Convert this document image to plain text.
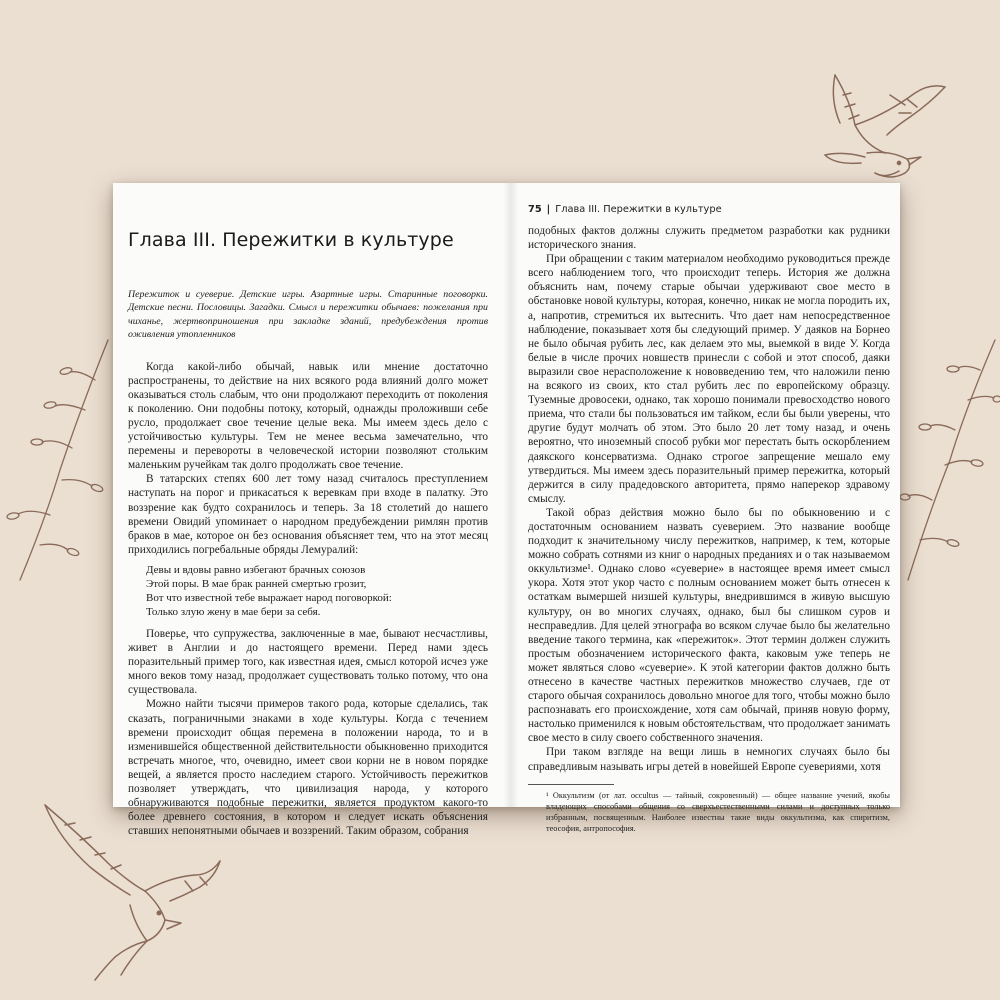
Глава III. Пережитки в культуре
Пережиток и суеверие. Детские игры. Азартные игры. Старинные поговорки. Детские песни. Пословицы. Загадки. Смысл и пережитки обычаев: пожелания при чиханье, жертвоприношения при закладке зданий, предубеждения против оживления утопленников

Когда какой-либо обычай, навык или мнение достаточно распространены, то действие на них всякого рода влияний долго может оказываться столь слабым, что они продолжают переходить от поколения к поколению. Они подобны потоку, который, однажды проложивши себе русло, продолжает свое течение целые века. Мы имеем здесь дело с устойчивостью культуры. Тем не менее весьма замечательно, что перемены и перевороты в человеческой истории позволяют стольким маленьким ручейкам так долго продолжать свое течение.

В татарских степях 600 лет тому назад считалось преступлением наступать на порог и прикасаться к веревкам при входе в палатку. Это воззрение как будто сохранилось и теперь. За 18 столетий до нашего времени Овидий упоминает о народном предубеждении римлян против браков в мае, которое он без основания объясняет тем, что на этот месяц приходились погребальные обряды Лемуралий:

Девы и вдовы равно избегают брачных союзов
Этой поры. В мае брак ранней смертью грозит,
Вот что известной тебе выражает народ поговоркой:
Только злую жену в мае бери за себя.

Поверье, что супружества, заключенные в мае, бывают несчастливы, живет в Англии и до настоящего времени. Перед нами здесь поразительный пример того, как известная идея, смысл которой исчез уже много веков тому назад, продолжает существовать только потому, что она существовала.

Можно найти тысячи примеров такого рода, которые сделались, так сказать, пограничными знаками в ходе культуры. Когда с течением времени происходит общая перемена в положении народа, то и в изменившейся общественной действительности обыкновенно приходится встречать многое, что, очевидно, имеет свои корни не в новом порядке вещей, а является просто наследием старого. Устойчивость пережитков позволяет утверждать, что цивилизация народа, у которого обнаруживаются подобные пережитки, является продуктом какого-то более древнего состояния, в котором и следует искать объяснения ставших непонятными обычаев и воззрений. Таким образом, собрания

75 | Глава III. Пережитки в культуре

подобных фактов должны служить предметом разработки как рудники исторического знания.

При обращении с таким материалом необходимо руководиться прежде всего наблюдением того, что происходит теперь. История же должна объяснить нам, почему старые обычаи удерживают свое место в обстановке новой культуры, которая, конечно, никак не могла породить их, а, напротив, стремиться их вытеснить. Что дает нам непосредственное наблюдение, показывает хотя бы следующий пример. У даяков на Борнео не было обычая рубить лес, как делаем это мы, выемкой в виде У. Когда белые в числе прочих новшеств принесли с собой и этот способ, даяки выразили свое нерасположение к нововведению тем, что наложили пеню на всякого из своих, кто стал рубить лес по европейскому образцу. Туземные дровосеки, однако, так хорошо понимали превосходство нового приема, что стали бы пользоваться им тайком, если бы были уверены, что другие будут молчать об этом. Это было 20 лет тому назад, и очень вероятно, что иноземный способ рубки мог перестать быть оскорблением даякского консерватизма. Однако строгое запрещение мешало ему утвердиться. Мы имеем здесь поразительный пример пережитка, который держится в силу прадедовского авторитета, прямо наперекор здравому смыслу.

Такой образ действия можно было бы по обыкновению и с достаточным основанием назвать суеверием. Это название вообще подходит к значительному числу пережитков, например, к тем, которые можно собрать сотнями из книг о народных преданиях и о так называемом оккультизме¹. Однако слово «суеверие» в настоящее время имеет смысл укора. Хотя этот укор часто с полным основанием может быть отнесен к остаткам вымершей низшей культуры, внедрившимся в живую высшую культуру, он во многих случаях, однако, был бы слишком суров и несправедлив. Для целей этнографа во всяком случае было бы желательно введение такого термина, как «пережиток». Этот термин должен служить простым обозначением исторического факта, каковым уже теперь не может являться слово «суеверие». К этой категории фактов должно быть отнесено в качестве частных пережитков множество случаев, где от старого обычая сохранилось довольно многое для того, чтобы можно было распознавать его происхождение, хотя сам обычай, приняв новую форму, настолько применился к новым обстоятельствам, что продолжает занимать свое место в силу своего собственного значения.

При таком взгляде на вещи лишь в немногих случаях было бы справедливым называть игры детей в новейшей Европе суевериями, хотя

¹ Оккультизм (от лат. occultus — тайный, сокровенный) — общее название учений, якобы владеющих способами общения со сверхъестественными силами и доступных только избранным, посвященным. Наиболее известны такие виды оккультизма, как спиритизм, теософия, антропософия.
